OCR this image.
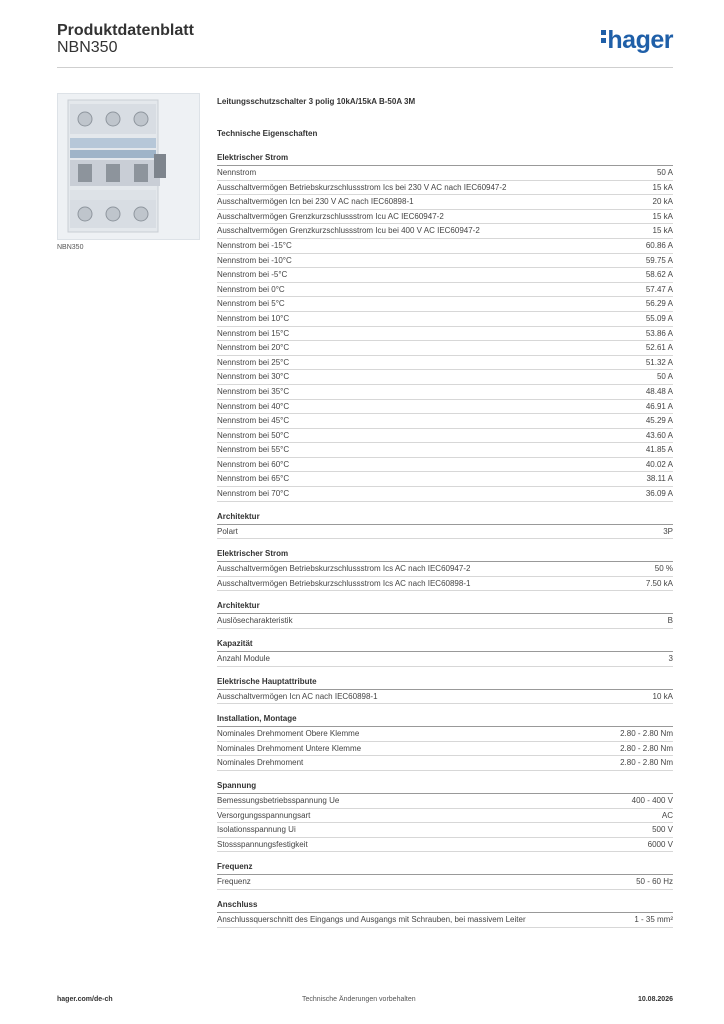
Produktdatenblatt
NBN350	hager
NBN350
Leitungsschutzschalter 3 polig 10kA/15kA B-50A 3M
Technische Eigenschaften
Elektrischer Strom
Nennstrom	50 A
Ausschaltvermögen Betriebskurzschlussstrom Ics bei 230 V AC nach IEC60947-2	15 kA
Ausschaltvermögen Icn bei 230 V AC nach IEC60898-1	20 kA
Ausschaltvermögen Grenzkurzschlussstrom Icu AC IEC60947-2	15 kA
Ausschaltvermögen Grenzkurzschlussstrom Icu bei 400 V AC IEC60947-2	15 kA
Nennstrom bei -15°C	60.86 A
Nennstrom bei -10°C	59.75 A
Nennstrom bei -5°C	58.62 A
Nennstrom bei 0°C	57.47 A
Nennstrom bei 5°C	56.29 A
Nennstrom bei 10°C	55.09 A
Nennstrom bei 15°C	53.86 A
Nennstrom bei 20°C	52.61 A
Nennstrom bei 25°C	51.32 A
Nennstrom bei 30°C	50 A
Nennstrom bei 35°C	48.48 A
Nennstrom bei 40°C	46.91 A
Nennstrom bei 45°C	45.29 A
Nennstrom bei 50°C	43.60 A
Nennstrom bei 55°C	41.85 A
Nennstrom bei 60°C	40.02 A
Nennstrom bei 65°C	38.11 A
Nennstrom bei 70°C	36.09 A
Architektur
Polart	3P
Elektrischer Strom
Ausschaltvermögen Betriebskurzschlussstrom Ics AC nach IEC60947-2	50 %
Ausschaltvermögen Betriebskurzschlussstrom Ics AC nach IEC60898-1	7.50 kA
Architektur
Auslösecharakteristik	B
Kapazität
Anzahl Module	3
Elektrische Hauptattribute
Ausschaltvermögen Icn AC nach IEC60898-1	10 kA
Installation, Montage
Nominales Drehmoment Obere Klemme	2.80 - 2.80 Nm
Nominales Drehmoment Untere Klemme	2.80 - 2.80 Nm
Nominales Drehmoment	2.80 - 2.80 Nm
Spannung
Bemessungsbetriebsspannung Ue	400 - 400 V
Versorgungsspannungsart	AC
Isolationsspannung Ui	500 V
Stossspannungsfestigkeit	6000 V
Frequenz
Frequenz	50 - 60 Hz
Anschluss
Anschlussquerschnitt des Eingangs und Ausgangs mit Schrauben, bei massivem Leiter	1 - 35 mm²
hager.com/de-ch	Technische Änderungen vorbehalten	10.08.2026
